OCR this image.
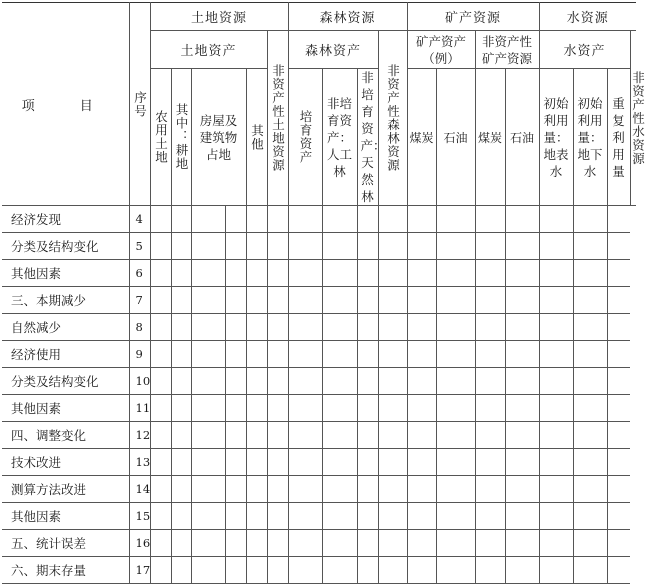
项　目	序号	土地资源						森林资源				矿产资源				水资源			
		土地资产					非资产性土地资源	森林资产			非资产性森林资源	矿产资产（例）		非资产性矿产资源		水资产			非资产性水资源

		农用土地	其中：耕地	房屋及建筑物占地		其他		培育资产	非培育资产：人工林	非培育资产：天然林		煤炭	石油	煤炭	石油	初始利用量：地表水	初始利用量：地下水	重复利用量	

经济发现	4																		
分类及结构变化	5																		
其他因素	6																		
三、本期减少	7																		
自然减少	8																		
经济使用	9																		
分类及结构变化	10																		
其他因素	11																		
四、调整变化	12																		
技术改进	13																		
测算方法改进	14																		
其他因素	15																		
五、统计误差	16																		
六、期末存量	17																		
